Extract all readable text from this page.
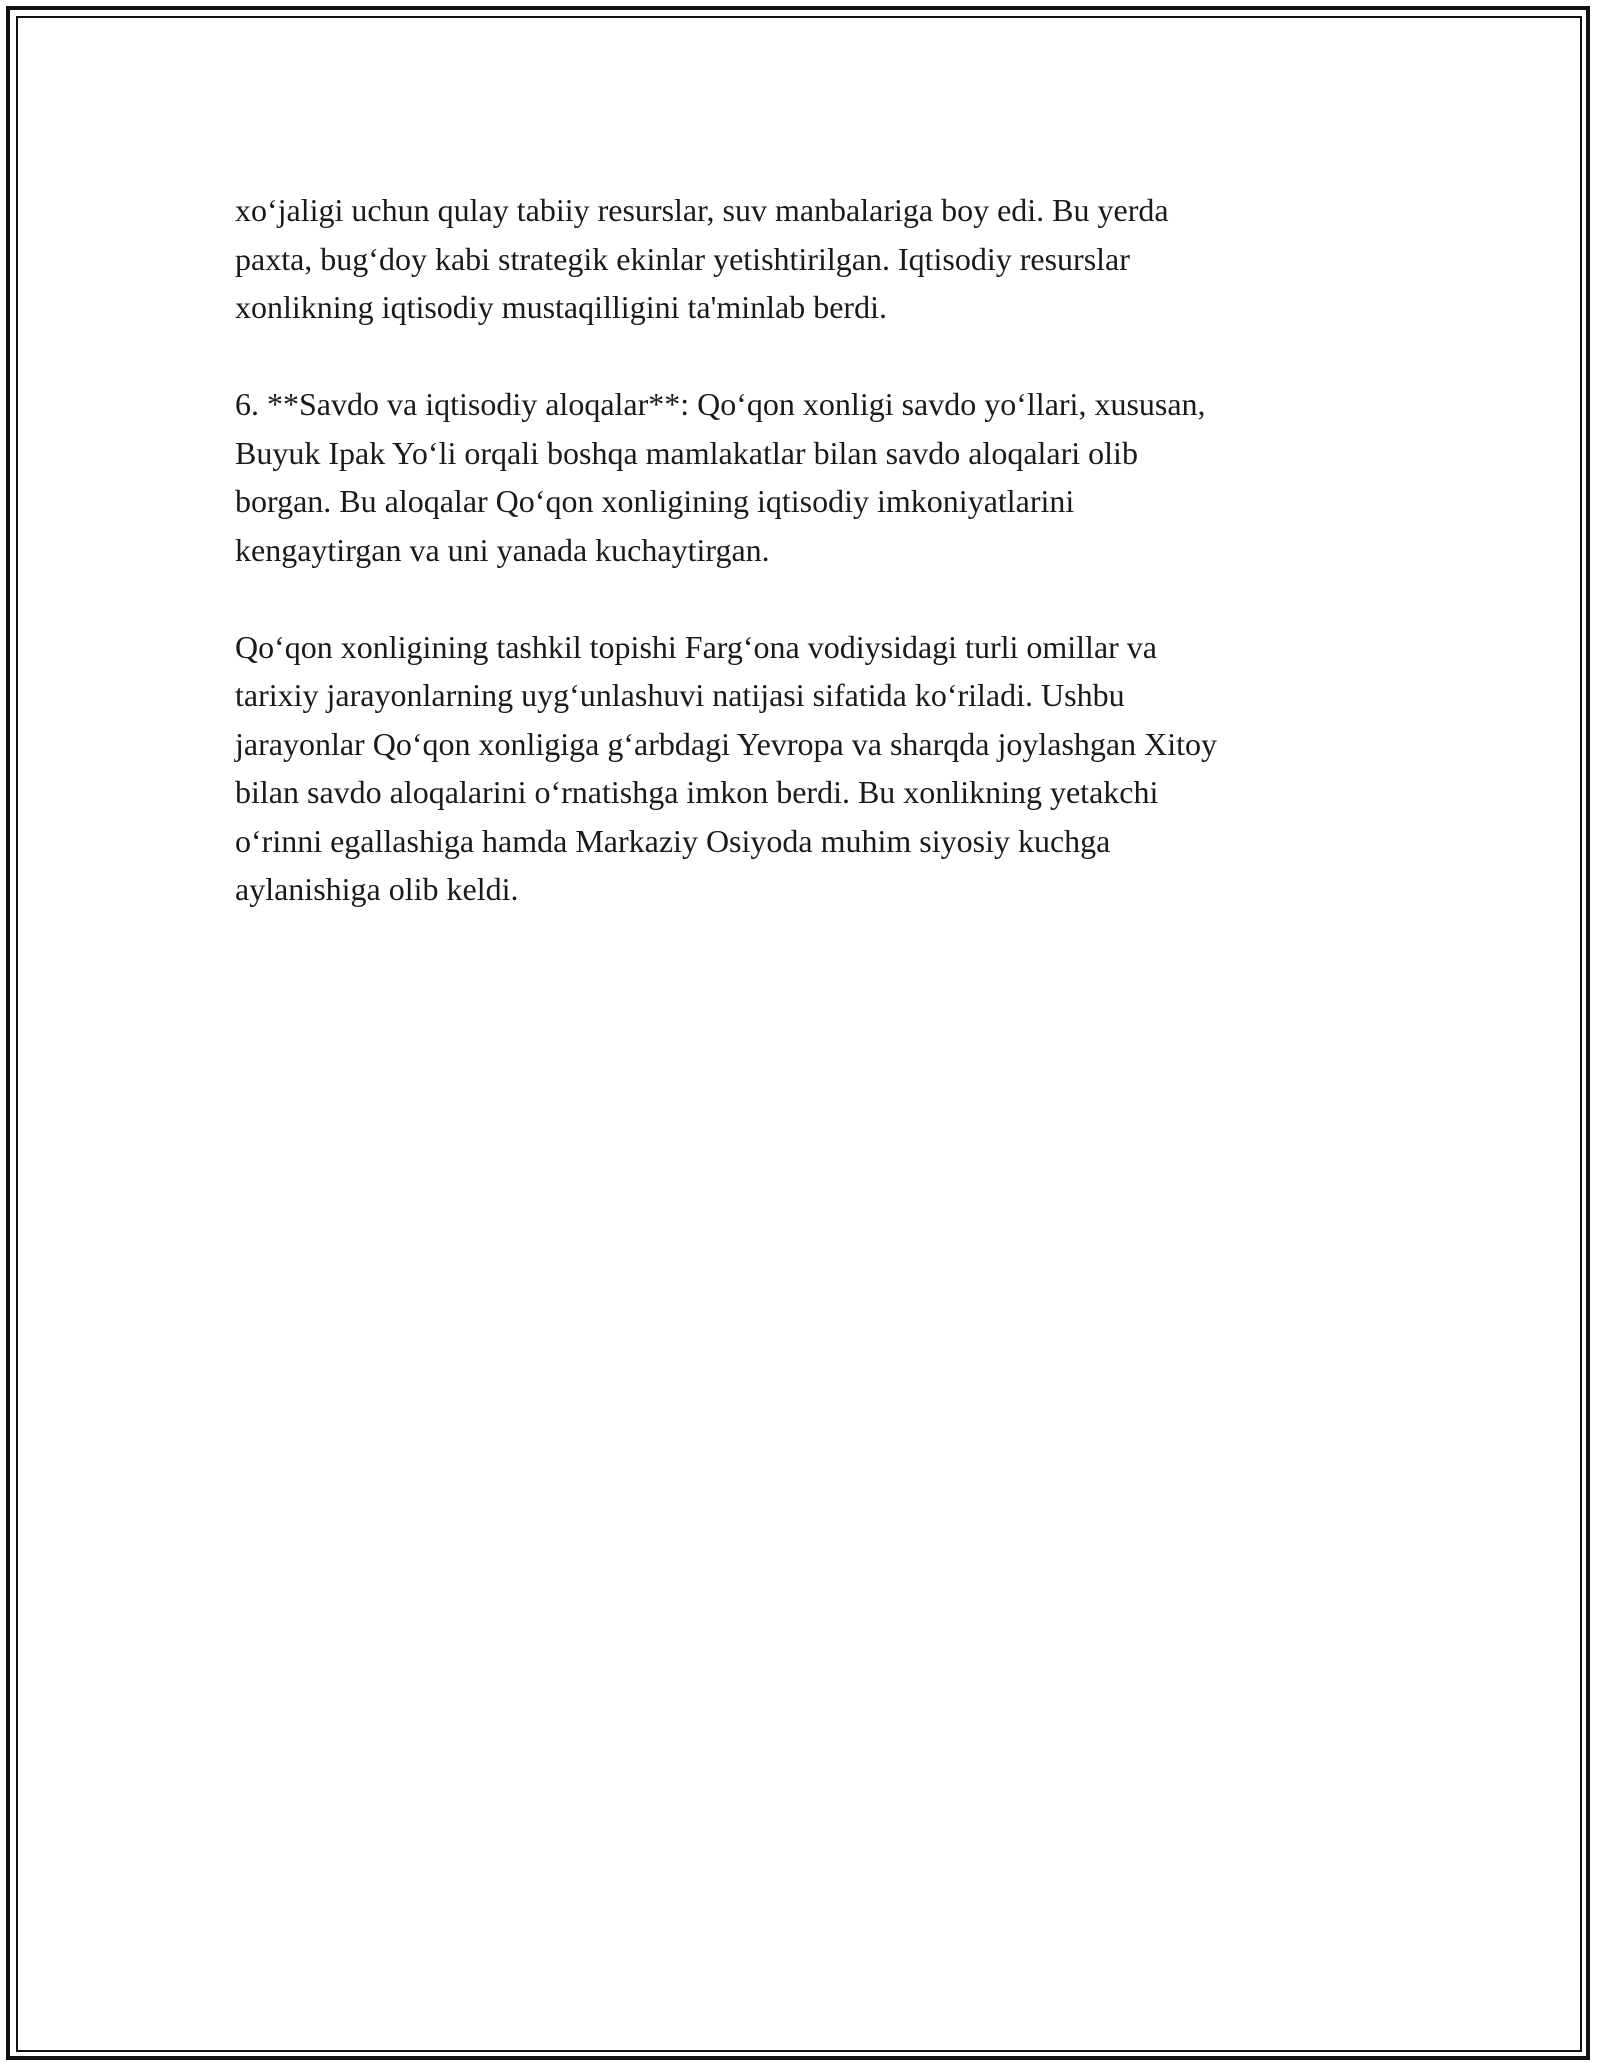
xo‘jaligi uchun qulay tabiiy resurslar, suv manbalariga boy edi. Bu yerda
paxta, bug‘doy kabi strategik ekinlar yetishtirilgan. Iqtisodiy resurslar
xonlikning iqtisodiy mustaqilligini ta'minlab berdi.

6. **Savdo va iqtisodiy aloqalar**: Qo‘qon xonligi savdo yo‘llari, xususan,
Buyuk Ipak Yo‘li orqali boshqa mamlakatlar bilan savdo aloqalari olib
borgan. Bu aloqalar Qo‘qon xonligining iqtisodiy imkoniyatlarini
kengaytirgan va uni yanada kuchaytirgan.

Qo‘qon xonligining tashkil topishi Farg‘ona vodiysidagi turli omillar va
tarixiy jarayonlarning uyg‘unlashuvi natijasi sifatida ko‘riladi. Ushbu
jarayonlar Qo‘qon xonligiga g‘arbdagi Yevropa va sharqda joylashgan Xitoy
bilan savdo aloqalarini o‘rnatishga imkon berdi. Bu xonlikning yetakchi
o‘rinni egallashiga hamda Markaziy Osiyoda muhim siyosiy kuchga
aylanishiga olib keldi.
